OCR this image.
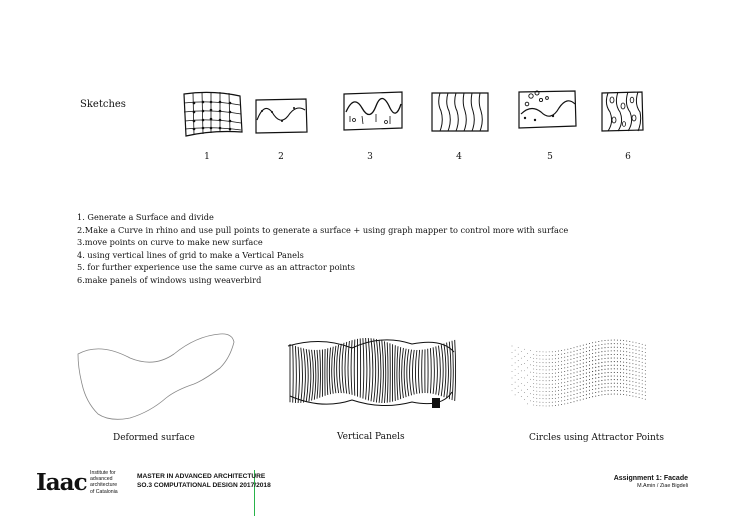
Sketches
1	2	3	4	5	6
1. Generate a Surface and divide
2.Make a Curve in rhino and use pull points to generate a surface + using graph mapper to control more with surface
3.move points on curve to make new surface
4. using vertical lines of grid to make a Vertical Panels
5. for further experience use the same curve as an attractor points
6.make panels of windows using weaverbird
Deformed surface	Vertical Panels	Circles using Attractor Points
Iaac Institute for
advanced
architecture
of Catalonia
MASTER IN ADVANCED ARCHITECTURE
SO.3 COMPUTATIONAL DESIGN 2017/2018
Assignment 1: Facade
M.Amin / Ziae Bigdeli
